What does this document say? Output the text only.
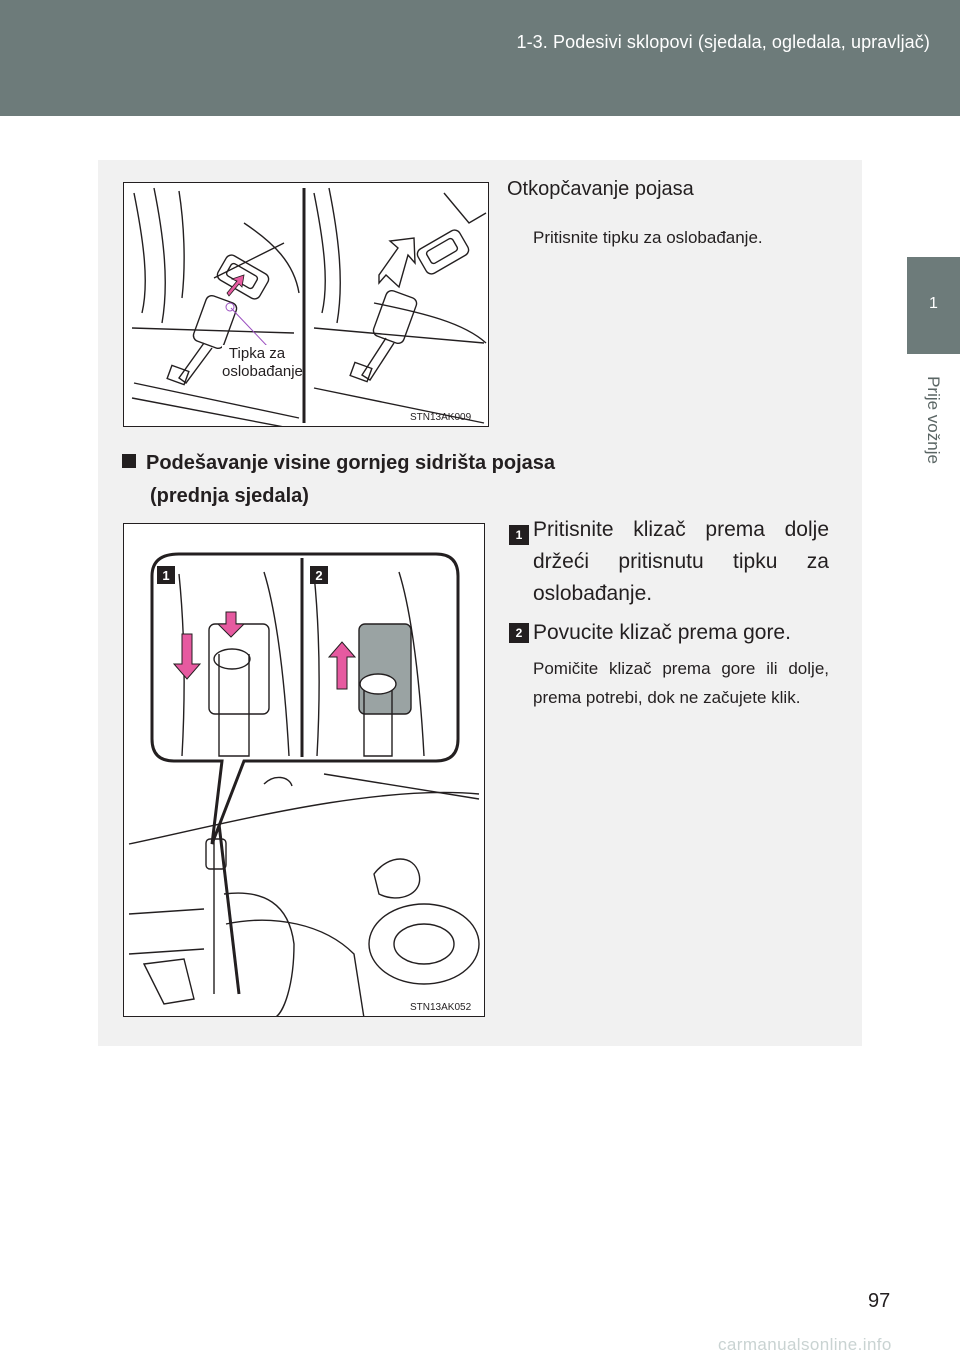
1-3. Podesivi sklopovi (sjedala, ogledala, upravljač)
1
Prije vožnje
STN13AK009
Tipka za
oslobađanje
Otkopčavanje pojasa
Pritisnite tipku za oslobađanje.
Podešavanje visine gornjeg sidrišta pojasa
(prednja sjedala)
1	2
STN13AK052
1 Pritisnite klizač prema dolje držeći pritisnutu tipku za oslobađanje.
2 Povucite klizač prema gore.
Pomičite klizač prema gore ili dolje, prema potrebi, dok ne začujete klik.
97
carmanualsonline.info
